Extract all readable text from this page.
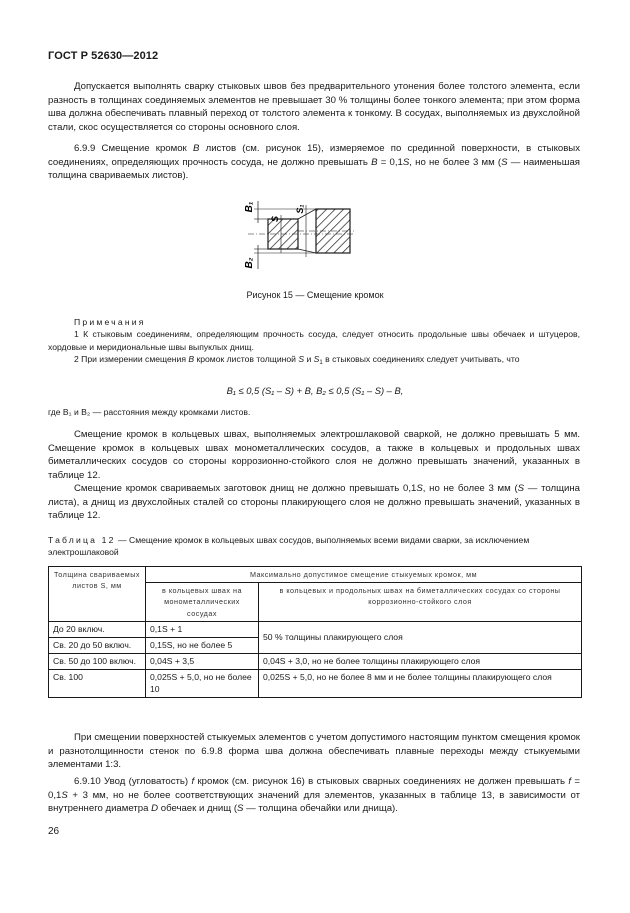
ГОСТ Р 52630—2012

Допускается выполнять сварку стыковых швов без предварительного утонения более толстого элемента, если разность в толщинах соединяемых элементов не превышает 30 % толщины более тонкого элемента; при этом форма шва должна обеспечивать плавный переход от толстого элемента к тонкому. В сосудах, выполняемых из двухслойной стали, скос осуществляется со стороны основного слоя.

6.9.9 Смещение кромок B листов (см. рисунок 15), измеряемое по срединной поверхности, в стыковых соединениях, определяющих прочность сосуда, не должно превышать B = 0,1S, но не более 3 мм (S — наименьшая толщина свариваемых листов).

B₁
B₂
S
S₁
Рисунок 15 — Смещение кромок

Примечания

1 К стыковым соединениям, определяющим прочность сосуда, следует относить продольные швы обечаек и штуцеров, хордовые и меридиональные швы выпуклых днищ.

2 При измерении смещения B кромок листов толщиной S и $S_1$ в стыковых соединениях следует учитывать, что

B₁ ≤ 0,5 (S₁ – S) + B, B₂ ≤ 0,5 (S₁ – S) – B,
где B₁ и B₂ — расстояния между кромками листов.

Смещение кромок в кольцевых швах, выполняемых электрошлаковой сваркой, не должно превышать 5 мм. Смещение кромок в кольцевых швах монометаллических сосудов, а также в кольцевых и продольных швах биметаллических сосудов со стороны коррозионно-стойкого слоя не должно превышать значений, указанных в таблице 12.

Смещение кромок свариваемых заготовок днищ не должно превышать 0,1S, но не более 3 мм (S — толщина листа), а днищ из двухслойных сталей со стороны плакирующего слоя не должно превышать значений, указанных в таблице 12.

Таблица 12 — Смещение кромок в кольцевых швах сосудов, выполняемых всеми видами сварки, за исключением электрошлаковой
Толщина свариваемых листов S, мм	Максимально допустимое смещение стыкуемых кромок, мм	
	в кольцевых швах на монометаллических сосудах	в кольцевых и продольных швах на биметаллических сосудах со стороны коррозионно-стойкого слоя
До 20 включ.	0,1S + 1	50 % толщины плакирующего слоя
Св. 20 до 50 включ.	0,15S, но не более 5	
Св. 50 до 100 включ.	0,04S + 3,5	0,04S + 3,0, но не более толщины плакирующего слоя
Св. 100	0,025S + 5,0, но не более 10	0,025S + 5,0, но не более 8 мм и не более толщины плакирующего слоя

При смещении поверхностей стыкуемых элементов с учетом допустимого настоящим пунктом смещения кромок и разнотолщинности стенок по 6.9.8 форма шва должна обеспечивать плавные переходы между стыкуемыми элементами 1:3.

6.9.10 Увод (угловатость) f кромок (см. рисунок 16) в стыковых сварных соединениях не должен превышать f = 0,1S + 3 мм, но не более соответствующих значений для элементов, указанных в таблице 13, в зависимости от внутреннего диаметра D обечаек и днищ (S — толщина обечайки или днища).

26
